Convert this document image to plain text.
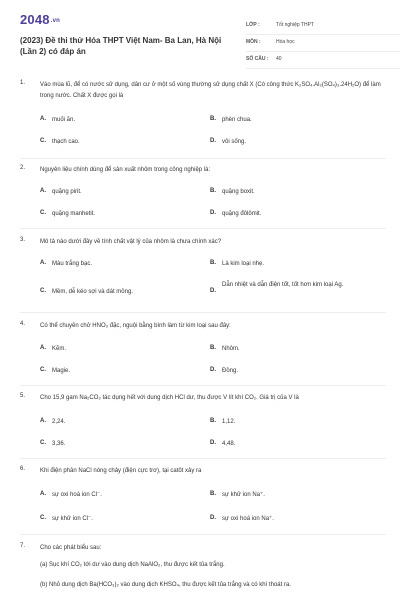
2048.vn
(2023) Đề thi thử Hóa THPT Việt Nam- Ba Lan, Hà Nội (Lần 2) có đáp án
LỚP :	Tốt nghiệp THPT
MÔN :	Hóa học
SỐ CÂU : 40
1. Vào mùa lũ, để có nước sử dụng, dân cư ở một số vùng thường sử dụng chất X (Có công thức K₂SO₄.Al₂(SO₄)₃.24H₂O) để làm trong nước. Chất X được gọi là
A. muối ăn.	B. phèn chua.
C. thạch cao.	D. vôi sống.
2. Nguyên liệu chính dùng để sản xuất nhôm trong công nghiệp là:
A. quặng pirit.	B. quặng boxit.
C. quặng manhetit.	D. quặng đôlômit.
3. Mô tả nào dưới đây về tính chất vật lý của nhôm là chưa chính xác?
A. Màu trắng bạc.	B. Là kim loại nhẹ.
C. Mềm, dễ kéo sợi và dát mỏng.	D.
Dẫn nhiệt và dẫn điện tốt, tốt hơn kim loại Ag.
4. Có thể chuyên chở HNO₃ đặc, nguội bằng bình làm từ kim loại sau đây:
A. Kẽm.	B. Nhôm.
C. Magie.	D. Đồng.
5. Cho 15,9 gam Na₂CO₃ tác dụng hết với dung dịch HCl dư, thu được V lít khí CO₂. Giá trị của V là
A. 2,24.	B. 1,12.
C. 3,36.	D. 4,48.
6. Khi điện phân NaCl nóng chảy (điện cực trơ), tại catôt xảy ra
A. sự oxi hoá ion Cl⁻.	B. sự khử ion Na⁺.
C. sự khử ion Cl⁻.	D. sự oxi hoá ion Na⁺.
7. Cho các phát biểu sau:
(a) Sục khí CO₂ tới dư vào dung dịch NaAlO₂, thu được kết tủa trắng.
(b) Nhỏ dung dịch Ba(HCO₃)₂ vào dung dịch KHSO₄, thu được kết tủa trắng và có khí thoát ra.
